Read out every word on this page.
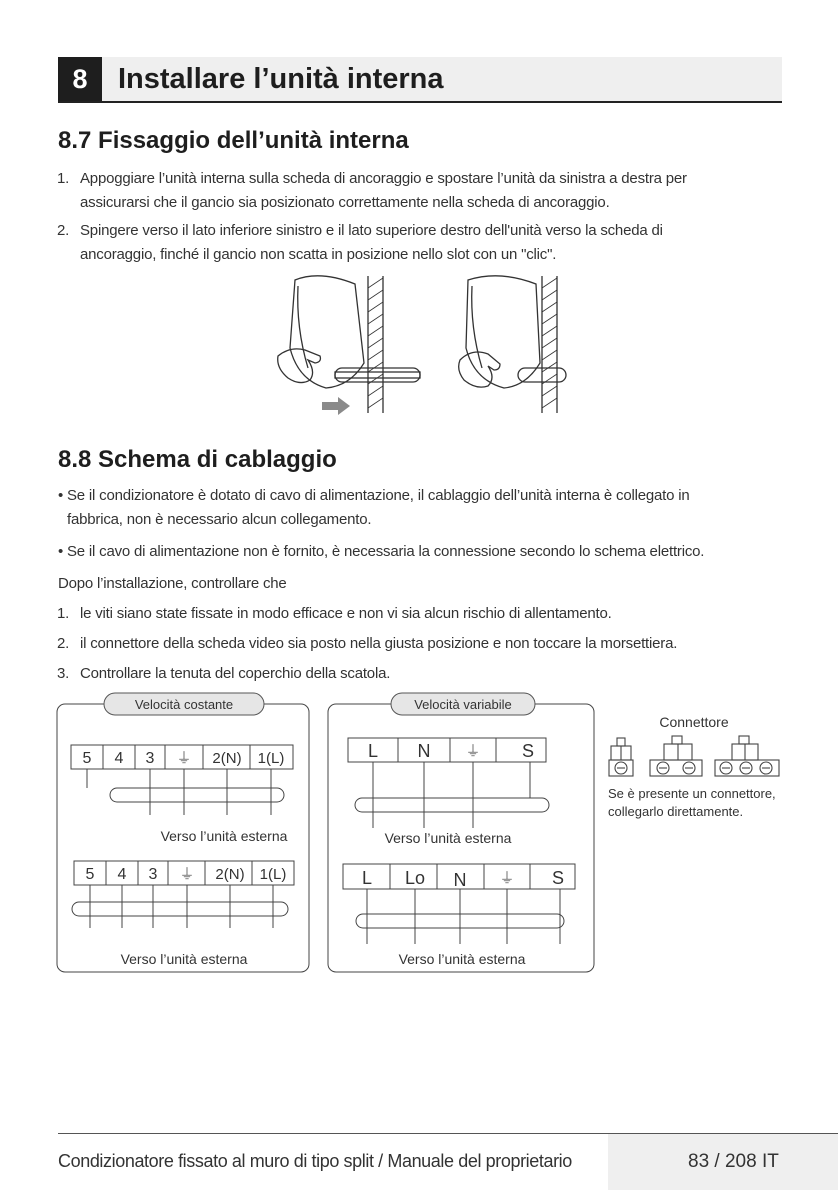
8	Installare l’unità interna
8.7 Fissaggio dell’unità interna
1. Appoggiare l’unità interna sulla scheda di ancoraggio e spostare l’unità da sinistra a destra per
assicurarsi che il gancio sia posizionato correttamente nella scheda di ancoraggio.
2. Spingere verso il lato inferiore sinistro e il lato superiore destro dell'unità verso la scheda di
ancoraggio, finché il gancio non scatta in posizione nello slot con un "clic".
8.8 Schema di cablaggio
• Se il condizionatore è dotato di cavo di alimentazione, il cablaggio dell’unità interna è collegato in
fabbrica, non è necessario alcun collegamento.
• Se il cavo di alimentazione non è fornito, è necessaria la connessione secondo lo schema elettrico.
Dopo l’installazione, controllare che
1. le viti siano state fissate in modo efficace e non vi sia alcun rischio di allentamento.
2. il connettore della scheda video sia posto nella giusta posizione e non toccare la morsettiera.
3. Controllare la tenuta del coperchio della scatola.
Velocità costante	Velocità variabile
5 4 3 ⏚ 2(N) 1(L)
Verso l’unità esterna
5 4 3 ⏚ 2(N) 1(L)
Verso l’unità esterna
L N ⏚ S
Verso l’unità esterna
L Lo N ⏚ S
Verso l’unità esterna
Connettore
Se è presente un connettore,
collegarlo direttamente.
Condizionatore fissato al muro di tipo split / Manuale del proprietario	83 / 208 IT
